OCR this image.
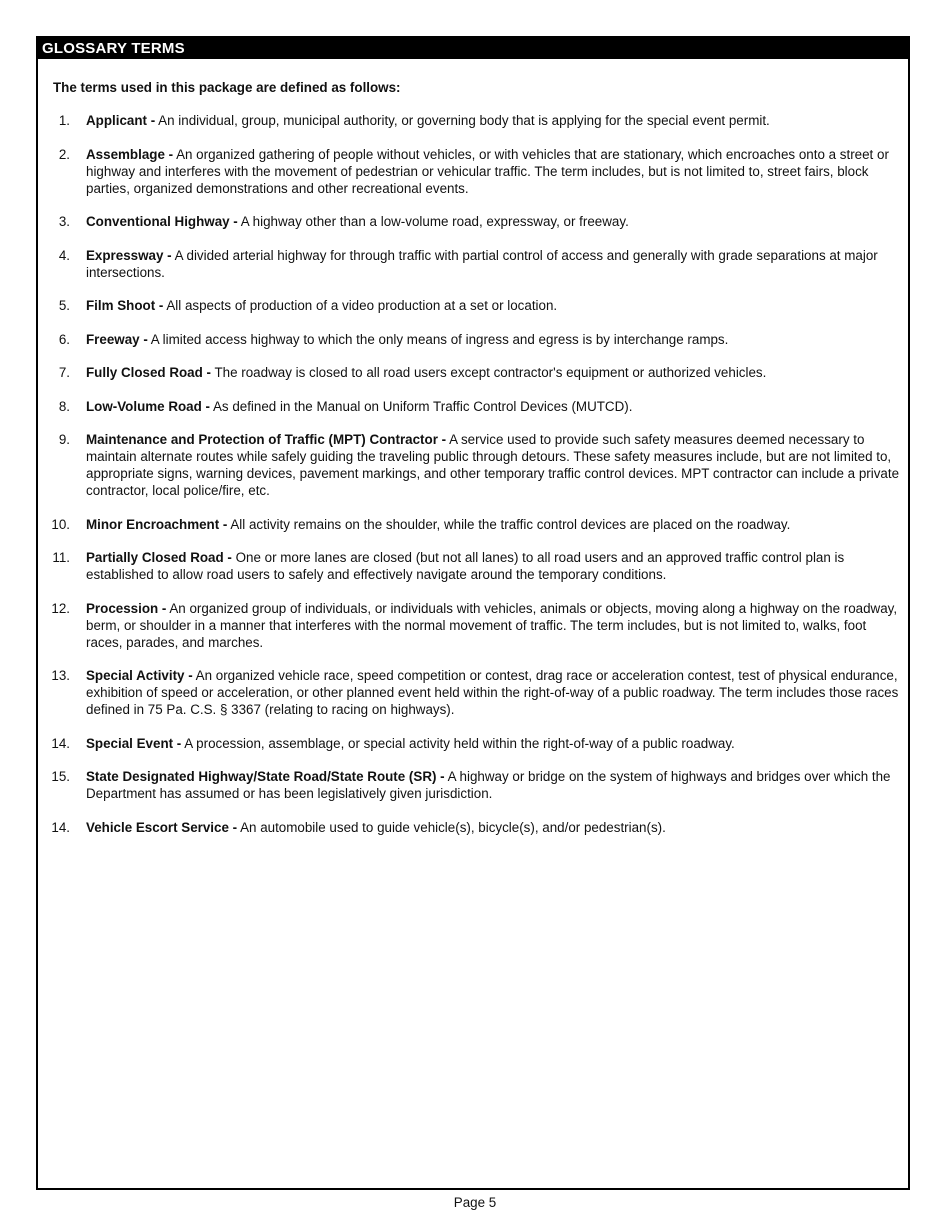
GLOSSARY TERMS

The terms used in this package are defined as follows:

1. Applicant - An individual, group, municipal authority, or governing body that is applying for the special event permit.
2. Assemblage - An organized gathering of people without vehicles, or with vehicles that are stationary, which encroaches onto a street or highway and interferes with the movement of pedestrian or vehicular traffic. The term includes, but is not limited to, street fairs, block parties, organized demonstrations and other recreational events.
3. Conventional Highway - A highway other than a low-volume road, expressway, or freeway.
4. Expressway - A divided arterial highway for through traffic with partial control of access and generally with grade separations at major intersections.
5. Film Shoot - All aspects of production of a video production at a set or location.
6. Freeway - A limited access highway to which the only means of ingress and egress is by interchange ramps.
7. Fully Closed Road - The roadway is closed to all road users except contractor's equipment or authorized vehicles.
8. Low-Volume Road - As defined in the Manual on Uniform Traffic Control Devices (MUTCD).
9. Maintenance and Protection of Traffic (MPT) Contractor - A service used to provide such safety measures deemed necessary to maintain alternate routes while safely guiding the traveling public through detours. These safety measures include, but are not limited to, appropriate signs, warning devices, pavement markings, and other temporary traffic control devices. MPT contractor can include a private contractor, local police/fire, etc.
10. Minor Encroachment - All activity remains on the shoulder, while the traffic control devices are placed on the roadway.
11. Partially Closed Road - One or more lanes are closed (but not all lanes) to all road users and an approved traffic control plan is established to allow road users to safely and effectively navigate around the temporary conditions.
12. Procession - An organized group of individuals, or individuals with vehicles, animals or objects, moving along a highway on the roadway, berm, or shoulder in a manner that interferes with the normal movement of traffic. The term includes, but is not limited to, walks, foot races, parades, and marches.
13. Special Activity - An organized vehicle race, speed competition or contest, drag race or acceleration contest, test of physical endurance, exhibition of speed or acceleration, or other planned event held within the right-of-way of a public roadway. The term includes those races defined in 75 Pa. C.S. § 3367 (relating to racing on highways).
14. Special Event - A procession, assemblage, or special activity held within the right-of-way of a public roadway.
15. State Designated Highway/State Road/State Route (SR) - A highway or bridge on the system of highways and bridges over which the Department has assumed or has been legislatively given jurisdiction.
14. Vehicle Escort Service - An automobile used to guide vehicle(s), bicycle(s), and/or pedestrian(s).
Page 5
